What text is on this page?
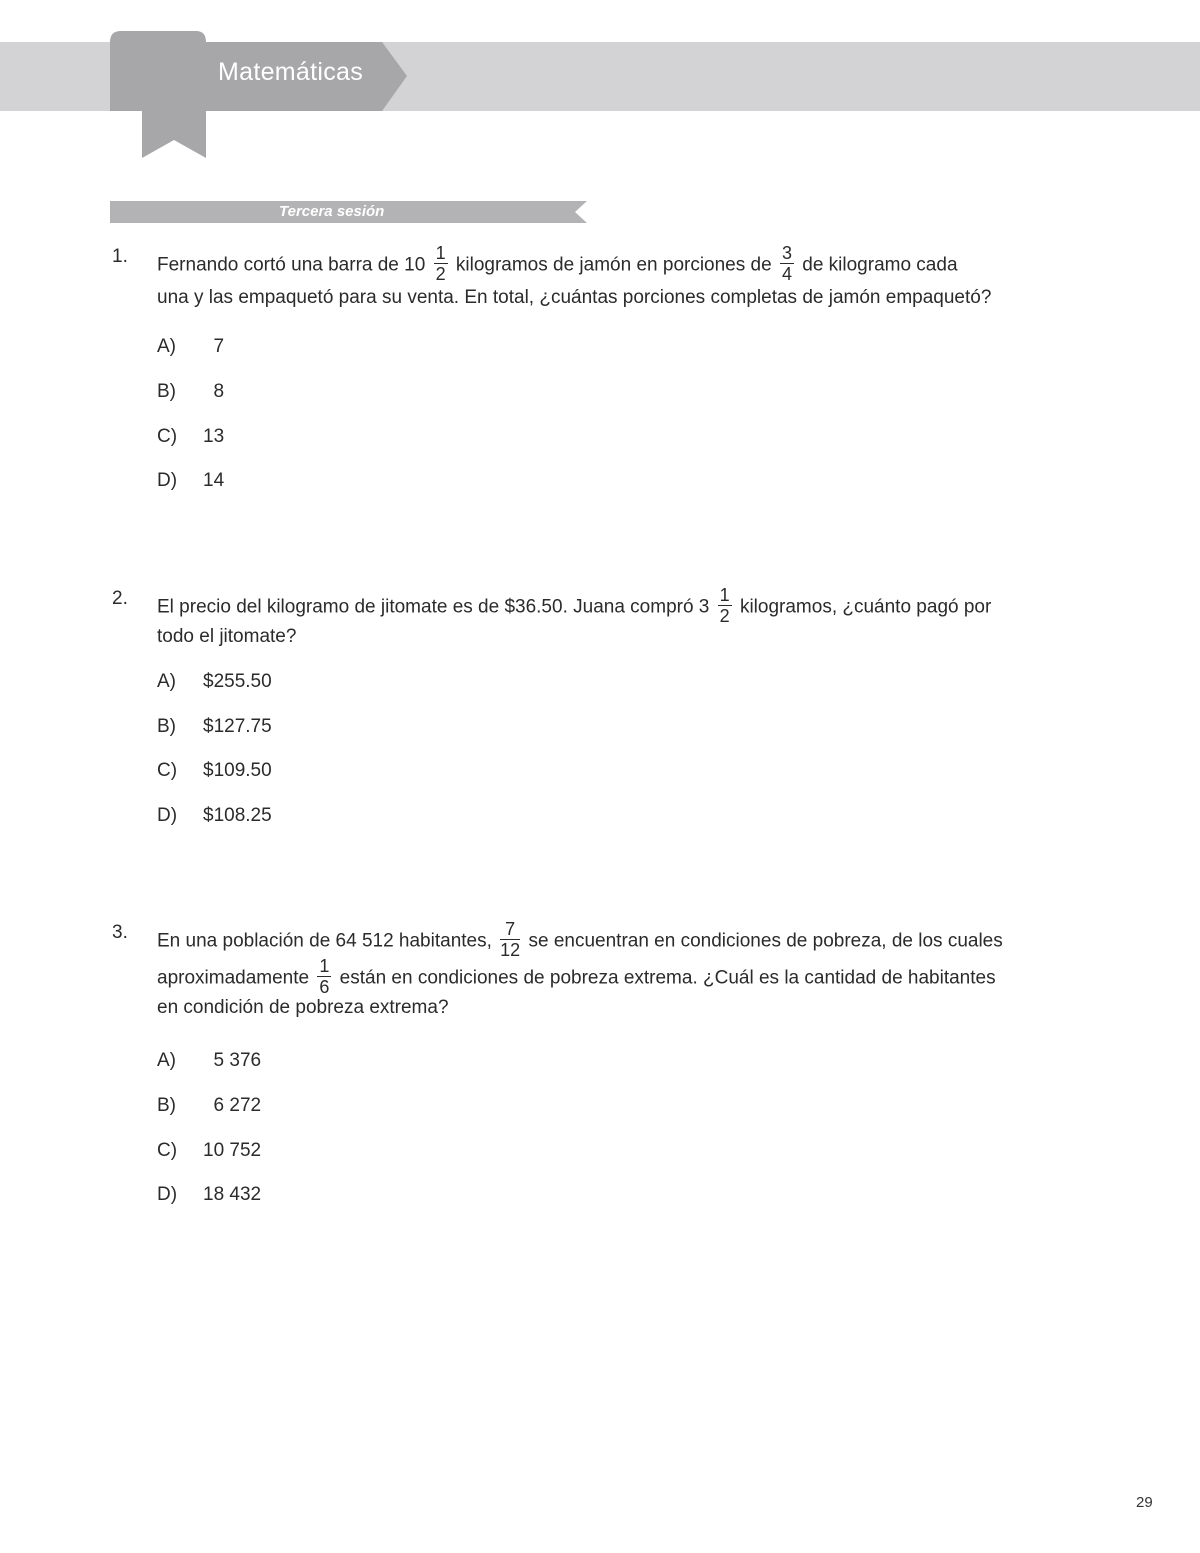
Matemáticas
Tercera sesión
1. Fernando cortó una barra de $10 \frac{1}{2}$ kilogramos de jamón en porciones de $\frac{3}{4}$ de kilogramo cada
una y las empaquetó para su venta. En total, ¿cuántas porciones completas de jamón empaquetó?
A)  7
B)  8
C) 13
D) 14
2. El precio del kilogramo de jitomate es de $36.50. Juana compró $3 \frac{1}{2}$ kilogramos, ¿cuánto pagó por
todo el jitomate?
A) $255.50
B) $127.75
C) $109.50
D) $108.25
3. En una población de 64 512 habitantes, $\frac{7}{12}$ se encuentran en condiciones de pobreza, de los cuales
aproximadamente $\frac{1}{6}$ están en condiciones de pobreza extrema. ¿Cuál es la cantidad de habitantes
en condición de pobreza extrema?
A)  5 376
B)  6 272
C) 10 752
D) 18 432
29
